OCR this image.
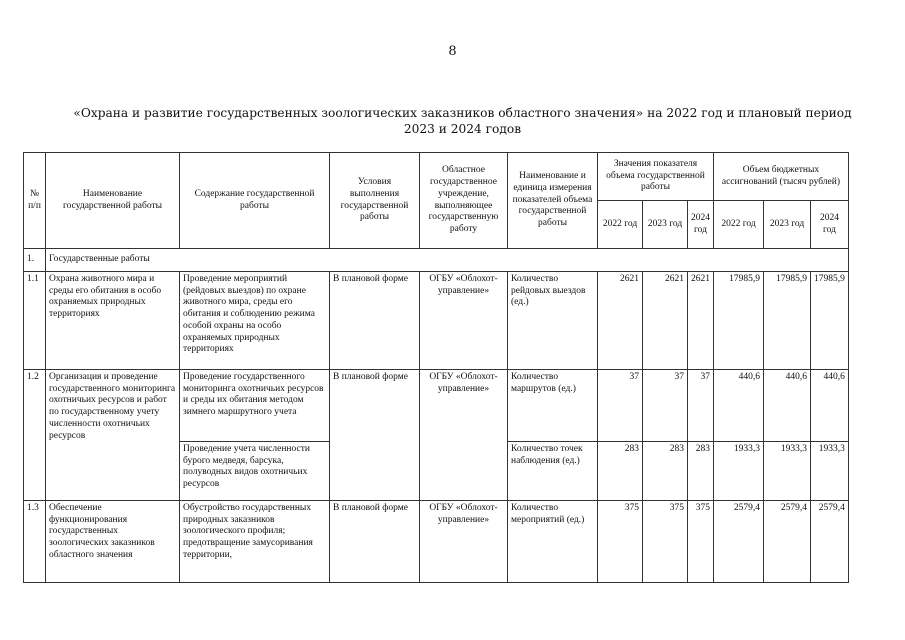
8
«Охрана и развитие государственных зоологических заказников областного значения» на 2022 год и плановый период
2023 и 2024 годов
№ п/п	Наименование государственной работы	Содержание государственной работы	Условия выполнения государственной работы	Областное государственное учреждение, выполняющее государственную работу	Наименование и единица измерения показателей объема государственной работы	Значения показателя объема государственной работы			Объем бюджетных ассигнований (тысяч рублей)		
						2022 год	2023 год	2024 год	2022 год	2023 год	2024 год
1.	Государственные работы										
1.1	Охрана животного мира и среды его обитания в особо охраняемых природных территориях	Проведение мероприятий (рейдовых выездов) по охране животного мира, среды его обитания и соблюдению режима особой охраны на особо охраняемых природных территориях	В плановой форме	ОГБУ «Облохот-управление»	Количество рейдовых выездов (ед.)	2621	2621	2621	17985,9	17985,9	17985,9
1.2	Организация и проведение государственного мониторинга охотничьих ресурсов и работ по государственному учету численности охотничьих ресурсов	Проведение государственного мониторинга охотничьих ресурсов и среды их обитания методом зимнего маршрутного учета	В плановой форме	ОГБУ «Облохот-управление»	Количество маршрутов (ед.)	37	37	37	440,6	440,6	440,6
		Проведение учета численности бурого медведя, барсука, полуводных видов охотничьих ресурсов			Количество точек наблюдения (ед.)	283	283	283	1933,3	1933,3	1933,3
1.3	Обеспечение функционирования государственных зоологических заказников областного значения	Обустройство государственных природных заказников зоологического профиля; предотвращение замусоривания территории,	В плановой форме	ОГБУ «Облохот-управление»	Количество мероприятий (ед.)	375	375	375	2579,4	2579,4	2579,4
